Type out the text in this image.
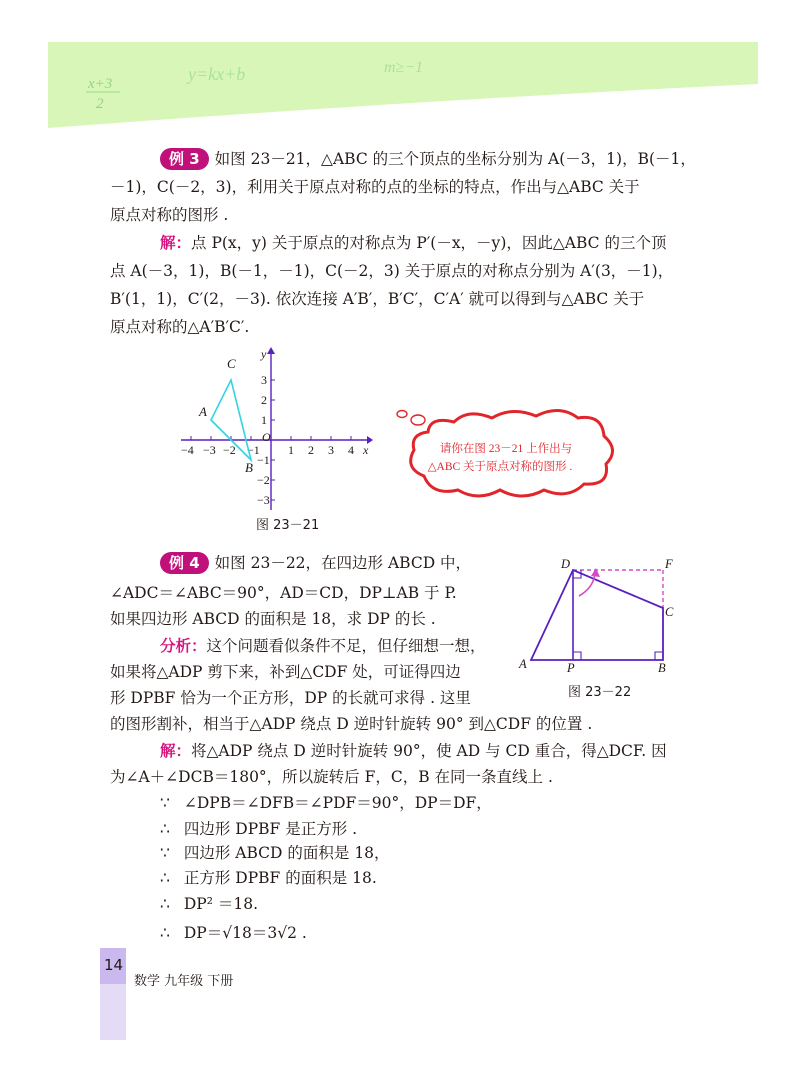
x+3
2
y=kx+b	m≥−1
例 3 如图 23－21，△ABC 的三个顶点的坐标分别为 A(－3，1)，B(－1，
－1)，C(－2，3)，利用关于原点对称的点的坐标的特点，作出与△ABC 关于
原点对称的图形 .
解：点 P(x，y) 关于原点的对称点为 P′(－x，－y)，因此△ABC 的三个顶
点 A(－3，1)，B(－1，－1)，C(－2，3) 关于原点的对称点分别为 A′(3，－1)，
B′(1，1)，C′(2，－3). 依次连接 A′B′，B′C′，C′A′ 就可以得到与△ABC 关于
原点对称的△A′B′C′.
−4 −3 −2 −1 1 2 3 4 x
3
2
1
−1
−2
−3
y
O
A
B
C
图 23－21
请你在图 23－21 上作出与
△ABC 关于原点对称的图形 .
例 4 如图 23－22，在四边形 ABCD 中，
∠ADC＝∠ABC＝90°，AD＝CD，DP⊥AB 于 P.
如果四边形 ABCD 的面积是 18，求 DP 的长 .
分析：这个问题看似条件不足，但仔细想一想，
如果将△ADP 剪下来，补到△CDF 处，可证得四边
形 DPBF 恰为一个正方形，DP 的长就可求得 . 这里
的图形割补，相当于△ADP 绕点 D 逆时针旋转 90° 到△CDF 的位置 .
D	F
C
A	P	B
图 23－22
解：将△ADP 绕点 D 逆时针旋转 90°，使 AD 与 CD 重合，得△DCF. 因
为∠A＋∠DCB＝180°，所以旋转后 F，C，B 在同一条直线上 .
∵ ∠DPB＝∠DFB＝∠PDF＝90°，DP＝DF，
∴ 四边形 DPBF 是正方形 .
∵ 四边形 ABCD 的面积是 18，
∴ 正方形 DPBF 的面积是 18.
∴ DP² ＝18.
∴ DP＝√18＝3√2 .
14
数学 九年级 下册
